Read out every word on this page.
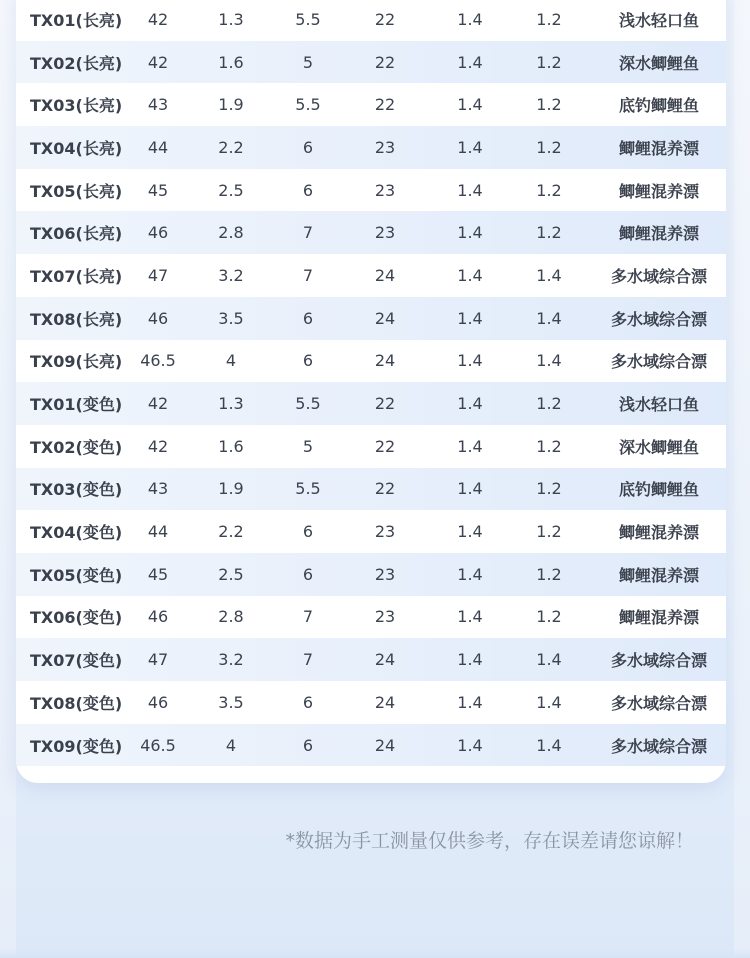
TX01(长亮)	42	1.3	5.5	22	1.4	1.2	浅水轻口鱼
TX02(长亮)	42	1.6	5	22	1.4	1.2	深水鲫鲤鱼
TX03(长亮)	43	1.9	5.5	22	1.4	1.2	底钓鲫鲤鱼
TX04(长亮)	44	2.2	6	23	1.4	1.2	鲫鲤混养漂
TX05(长亮)	45	2.5	6	23	1.4	1.2	鲫鲤混养漂
TX06(长亮)	46	2.8	7	23	1.4	1.2	鲫鲤混养漂
TX07(长亮)	47	3.2	7	24	1.4	1.4	多水域综合漂
TX08(长亮)	46	3.5	6	24	1.4	1.4	多水域综合漂
TX09(长亮)	46.5	4	6	24	1.4	1.4	多水域综合漂
TX01(变色)	42	1.3	5.5	22	1.4	1.2	浅水轻口鱼
TX02(变色)	42	1.6	5	22	1.4	1.2	深水鲫鲤鱼
TX03(变色)	43	1.9	5.5	22	1.4	1.2	底钓鲫鲤鱼
TX04(变色)	44	2.2	6	23	1.4	1.2	鲫鲤混养漂
TX05(变色)	45	2.5	6	23	1.4	1.2	鲫鲤混养漂
TX06(变色)	46	2.8	7	23	1.4	1.2	鲫鲤混养漂
TX07(变色)	47	3.2	7	24	1.4	1.4	多水域综合漂
TX08(变色)	46	3.5	6	24	1.4	1.4	多水域综合漂
TX09(变色)	46.5	4	6	24	1.4	1.4	多水域综合漂
*数据为手工测量仅供参考，存在误差请您谅解！
